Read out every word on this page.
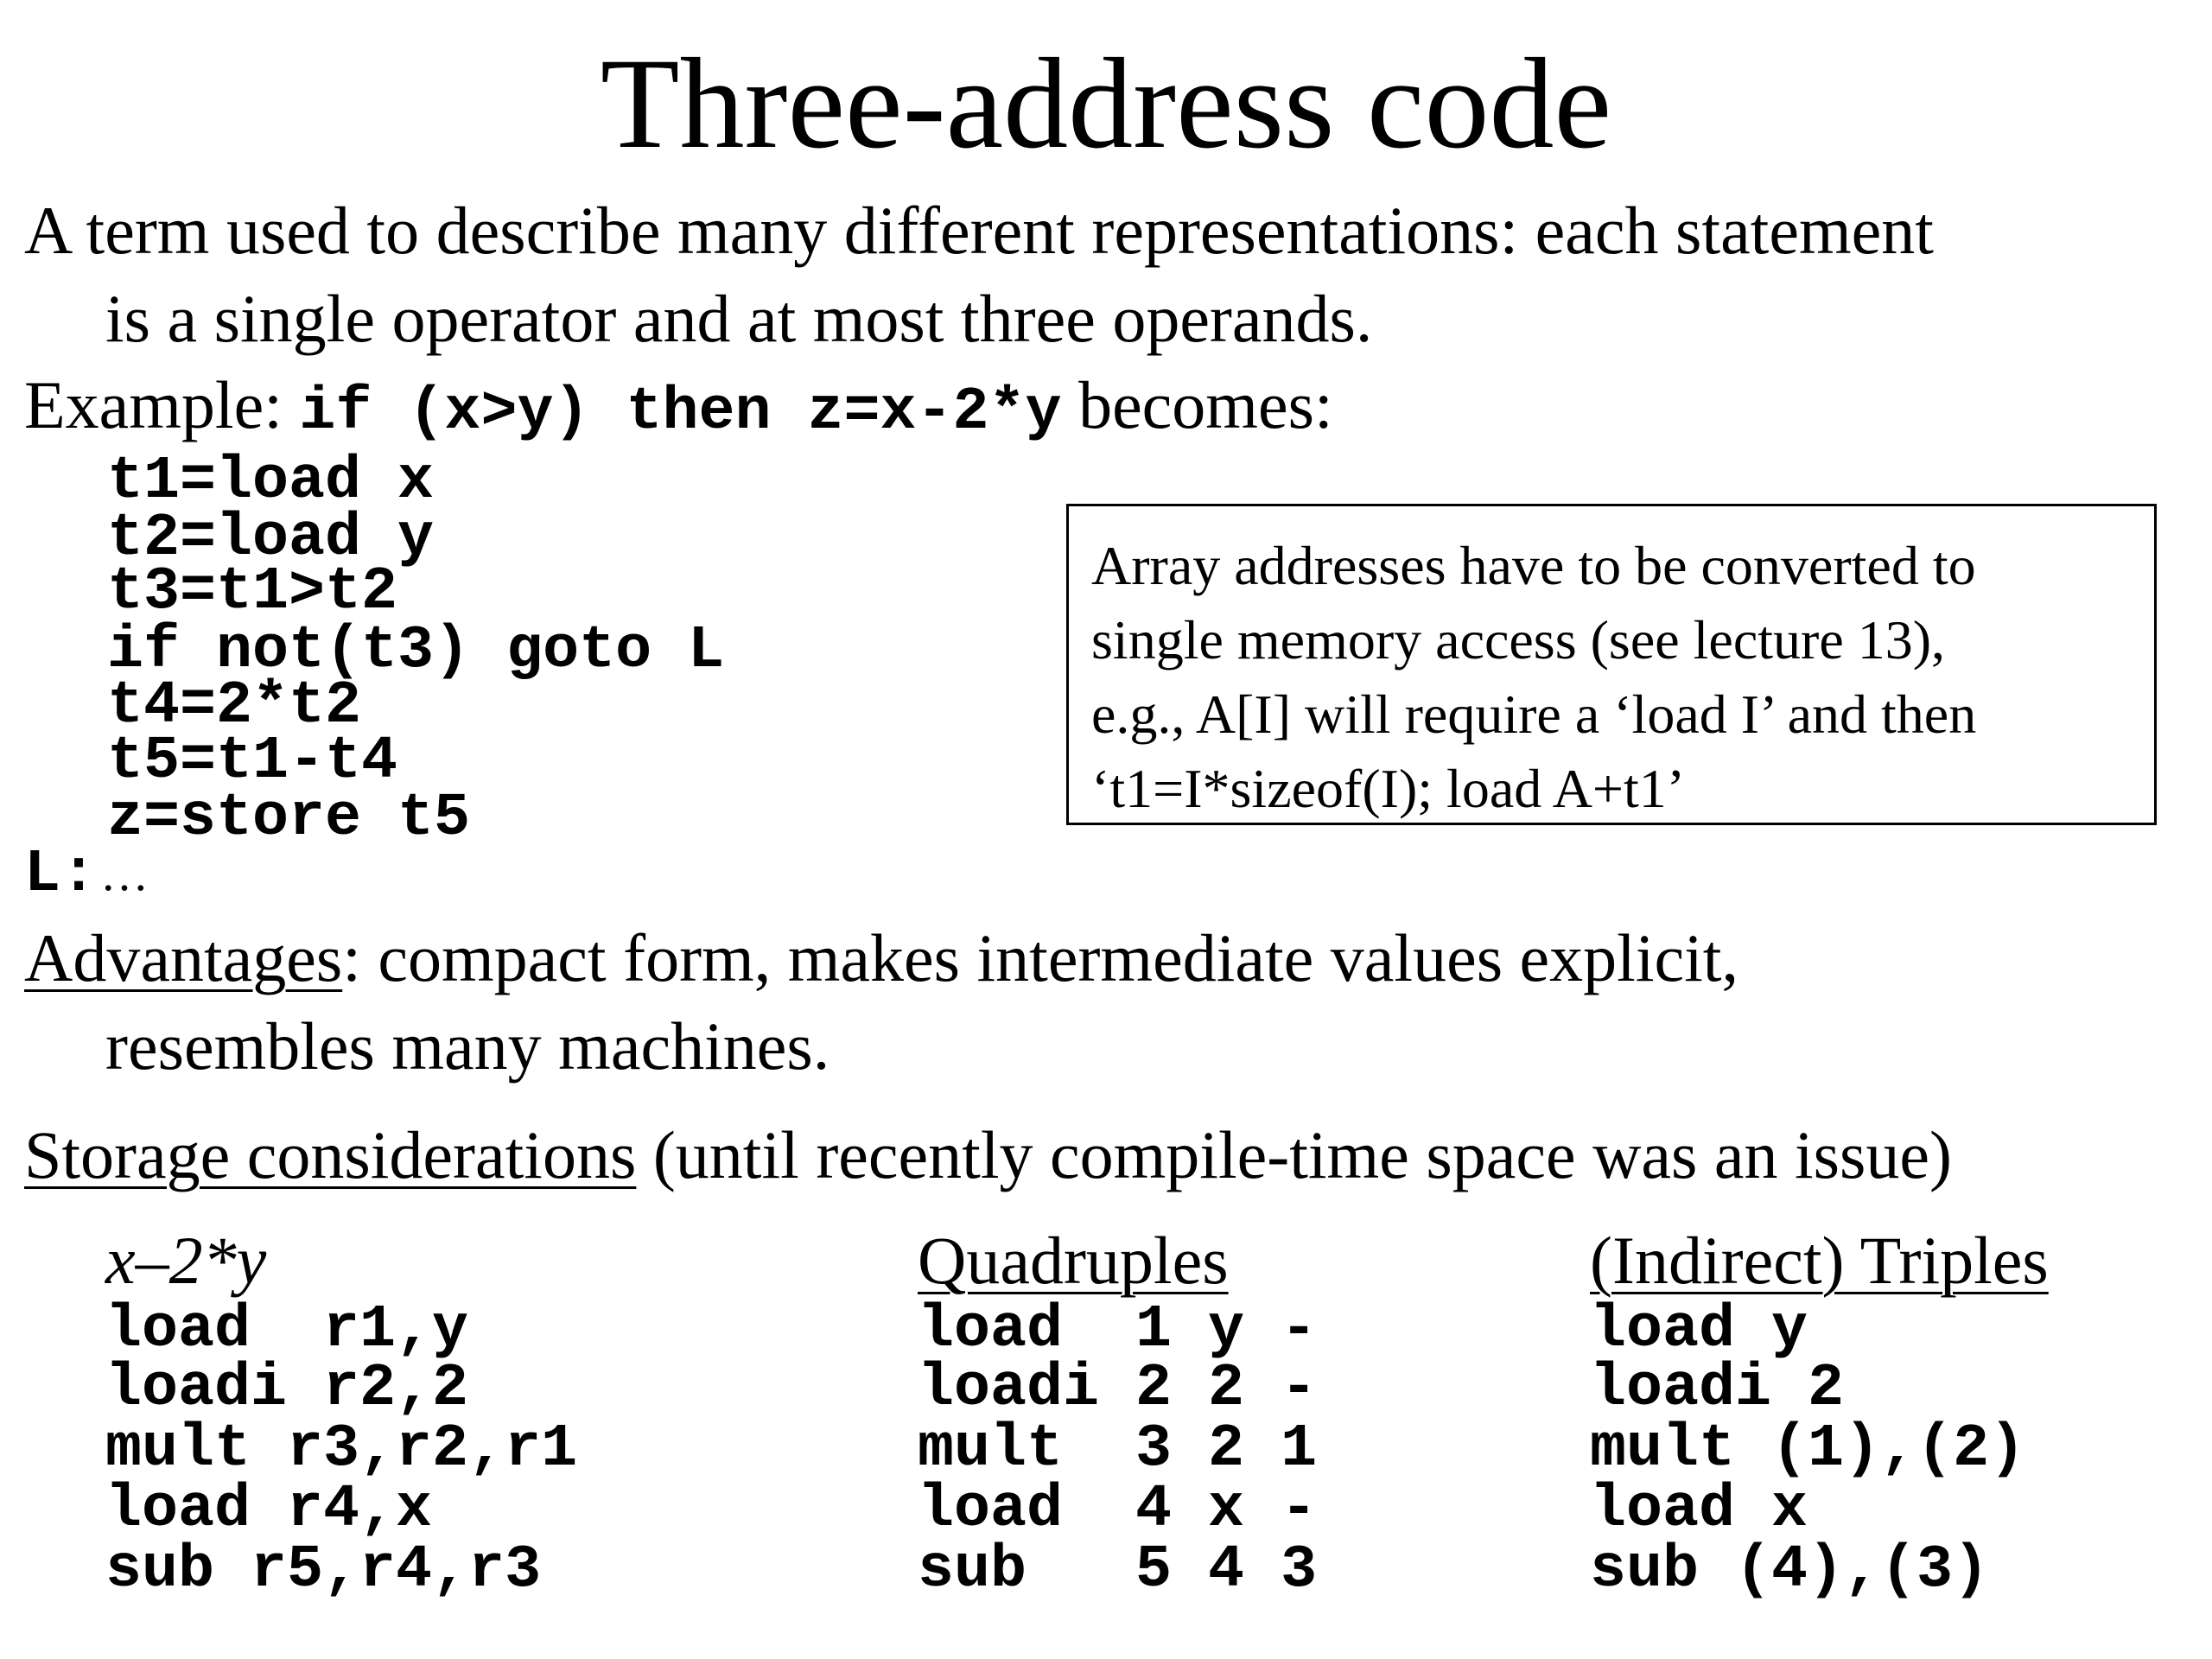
Three-address code
A term used to describe many different representations: each statement
is a single operator and at most three operands.
Example: if (x>y) then z=x-2*y becomes:
t1=load x
t2=load y
t3=t1>t2
if not(t3) goto L
t4=2*t2
t5=t1-t4
z=store t5
L: …
Array addresses have to be converted to
single memory access (see lecture 13),
e.g., A[I] will require a ‘load I’ and then
‘t1=I*sizeof(I); load A+t1’
Advantages: compact form, makes intermediate values explicit,
resembles many machines.
Storage considerations (until recently compile-time space was an issue)
x–2*y
load  r1,y
loadi r2,2
mult r3,r2,r1
load r4,x
sub r5,r4,r3
Quadruples
load  1 y -
loadi 2 2 -
mult  3 2 1
load  4 x -
sub   5 4 3
(Indirect) Triples
load y
loadi 2
mult (1),(2)
load x
sub (4),(3)
